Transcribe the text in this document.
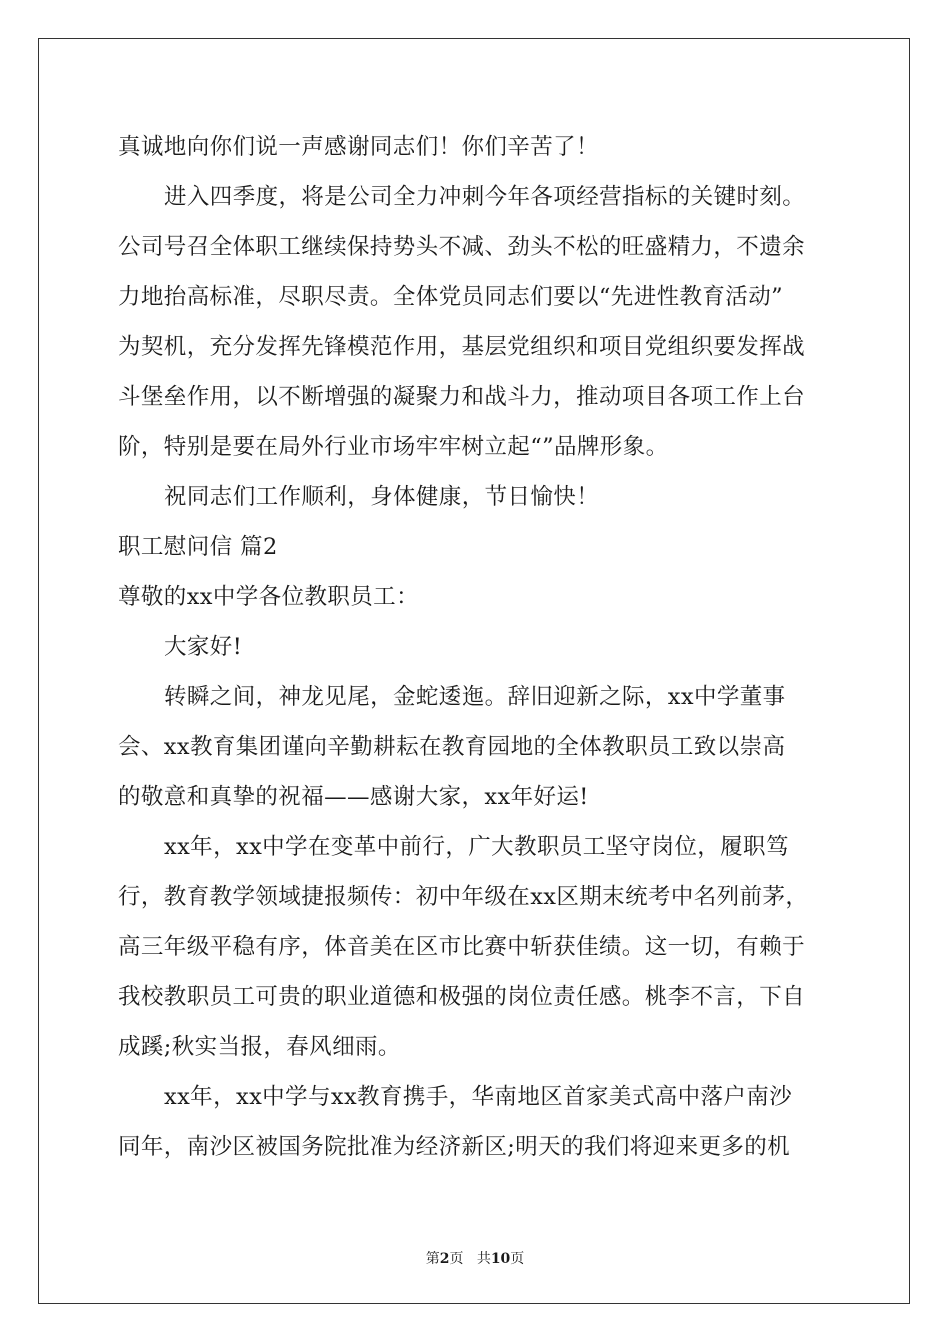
真诚地向你们说一声感谢同志们！你们辛苦了！
进入四季度，将是公司全力冲刺今年各项经营指标的关键时刻。
公司号召全体职工继续保持势头不减、劲头不松的旺盛精力，不遗余
力地抬高标准，尽职尽责。全体党员同志们要以“先进性教育活动”
为契机，充分发挥先锋模范作用，基层党组织和项目党组织要发挥战
斗堡垒作用，以不断增强的凝聚力和战斗力，推动项目各项工作上台
阶，特别是要在局外行业市场牢牢树立起“”品牌形象。
祝同志们工作顺利，身体健康，节日愉快！
职工慰问信 篇2
尊敬的xx中学各位教职员工：
大家好!
转瞬之间，神龙见尾，金蛇逶迤。辞旧迎新之际，xx中学董事
会、xx教育集团谨向辛勤耕耘在教育园地的全体教职员工致以崇高
的敬意和真挚的祝福——感谢大家，xx年好运!
xx年，xx中学在变革中前行，广大教职员工坚守岗位，履职笃
行，教育教学领域捷报频传：初中年级在xx区期末统考中名列前茅，
高三年级平稳有序，体音美在区市比赛中斩获佳绩。这一切，有赖于
我校教职员工可贵的职业道德和极强的岗位责任感。桃李不言，下自
成蹊;秋实当报，春风细雨。
xx年，xx中学与xx教育携手，华南地区首家美式高中落户南沙
同年，南沙区被国务院批准为经济新区;明天的我们将迎来更多的机
第2页 共10页
